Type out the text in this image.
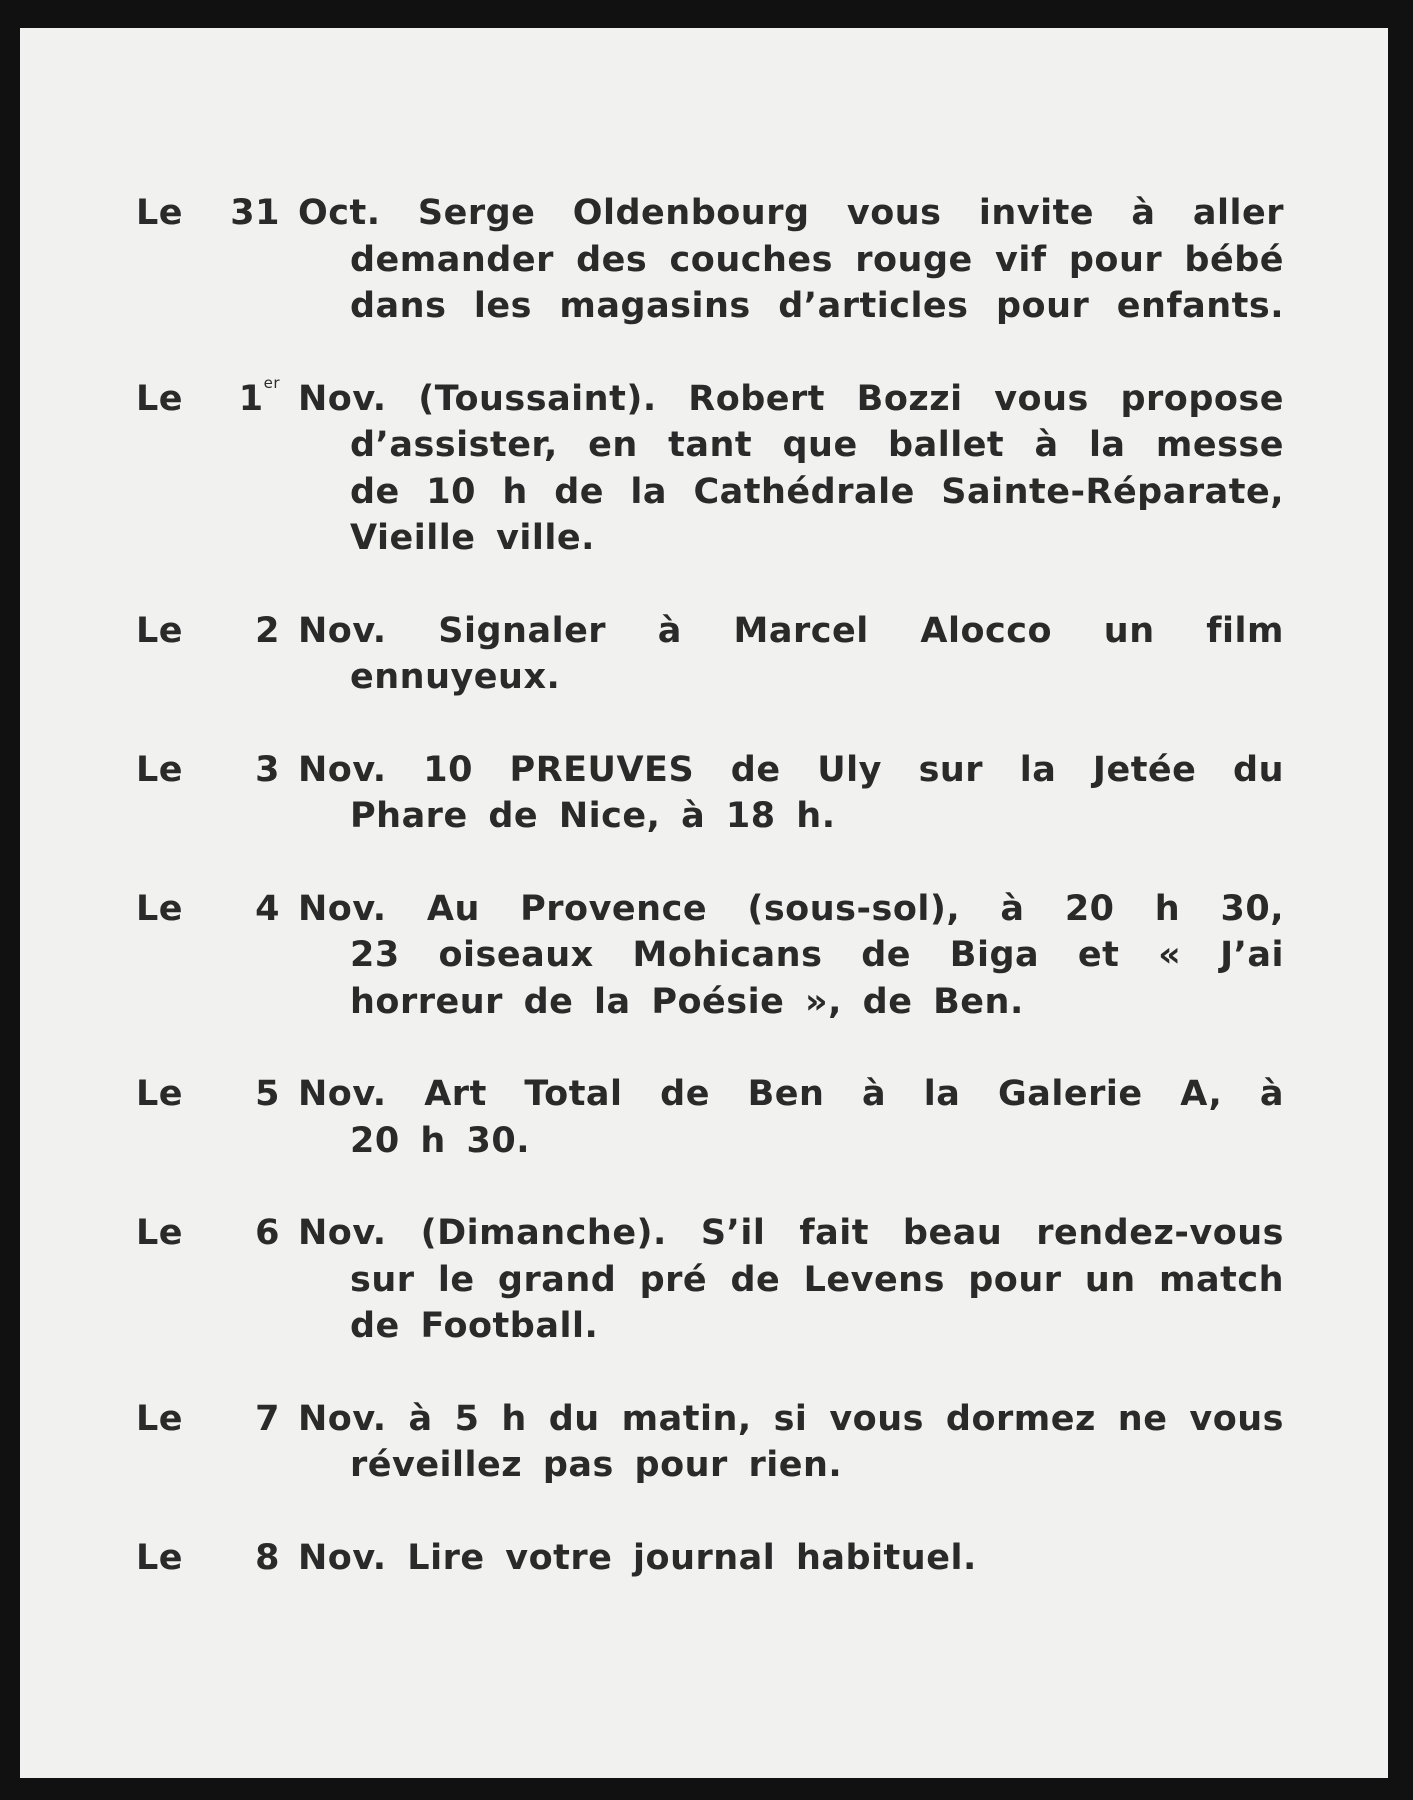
Le	31 Oct. Serge Oldenbourg vous invite à aller
demander des couches rouge vif pour bébé
dans les magasins d’articles pour enfants.
Le	1er Nov. (Toussaint). Robert Bozzi vous propose
d’assister, en tant que ballet à la messe
de 10 h de la Cathédrale Sainte-Réparate,
Vieille ville.
Le	2 Nov. Signaler à Marcel Alocco un film
ennuyeux.
Le	3 Nov. 10 PREUVES de Uly sur la Jetée du
Phare de Nice, à 18 h.
Le	4 Nov. Au Provence (sous-sol), à 20 h 30,
23 oiseaux Mohicans de Biga et « J’ai
horreur de la Poésie », de Ben.
Le	5 Nov. Art Total de Ben à la Galerie A, à
20 h 30.
Le	6 Nov. (Dimanche). S’il fait beau rendez-vous
sur le grand pré de Levens pour un match
de Football.
Le	7 Nov. à 5 h du matin, si vous dormez ne vous
réveillez pas pour rien.
Le	8 Nov. Lire votre journal habituel.
